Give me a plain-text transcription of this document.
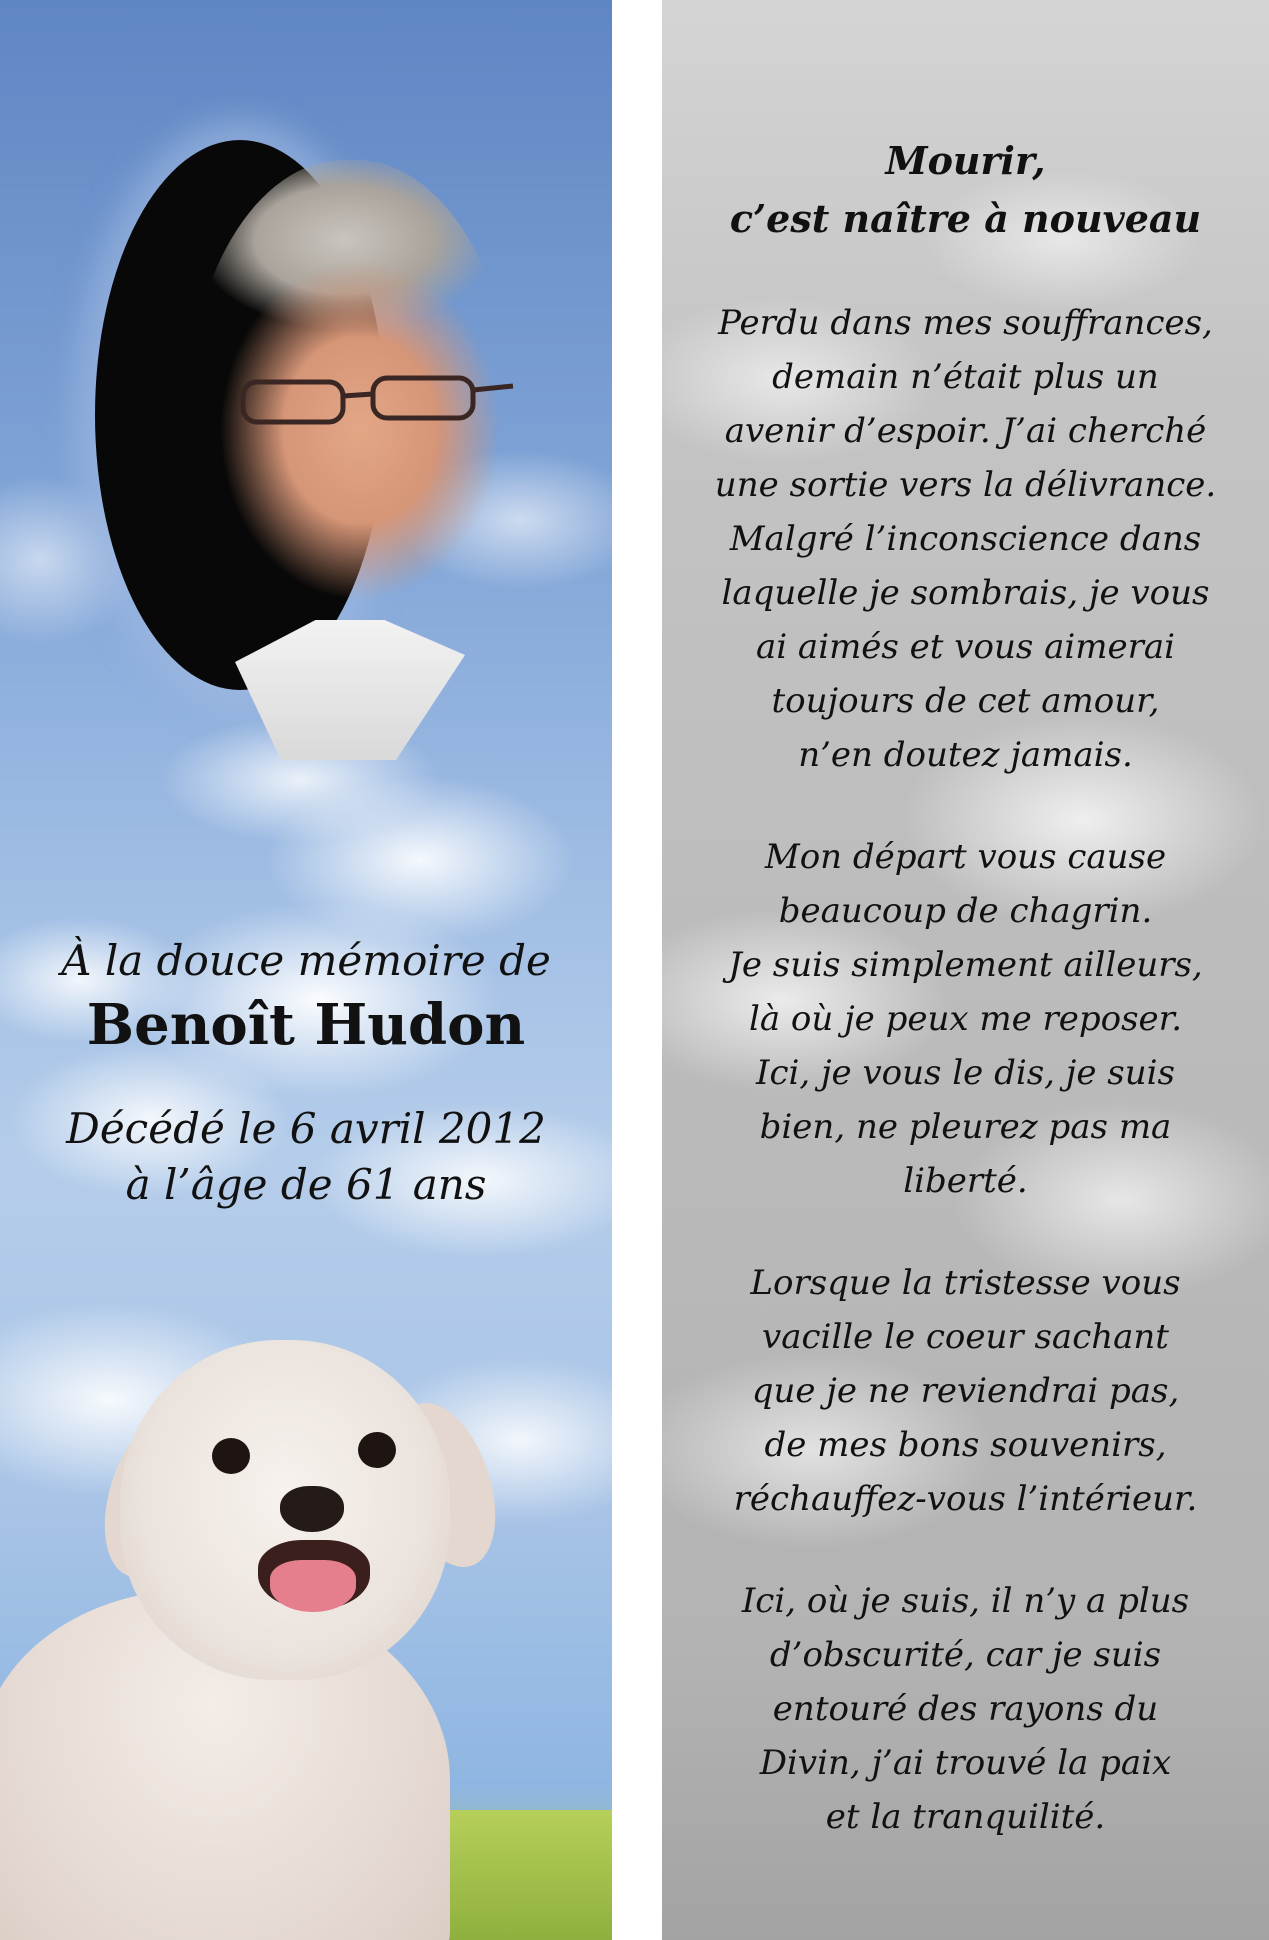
À la douce mémoire de
Benoît Hudon
Décédé le 6 avril 2012
à l’âge de 61 ans
Mourir,
c’est naître à nouveau
Perdu dans mes souffrances,
demain n’était plus un
avenir d’espoir. J’ai cherché
une sortie vers la délivrance.
Malgré l’inconscience dans
laquelle je sombrais, je vous
ai aimés et vous aimerai
toujours de cet amour,
n’en doutez jamais.
Mon départ vous cause
beaucoup de chagrin.
Je suis simplement ailleurs,
là où je peux me reposer.
Ici, je vous le dis, je suis
bien, ne pleurez pas ma
liberté.
Lorsque la tristesse vous
vacille le coeur sachant
que je ne reviendrai pas,
de mes bons souvenirs,
réchauffez-vous l’intérieur.
Ici, où je suis, il n’y a plus
d’obscurité, car je suis
entouré des rayons du
Divin, j’ai trouvé la paix
et la tranquilité.
